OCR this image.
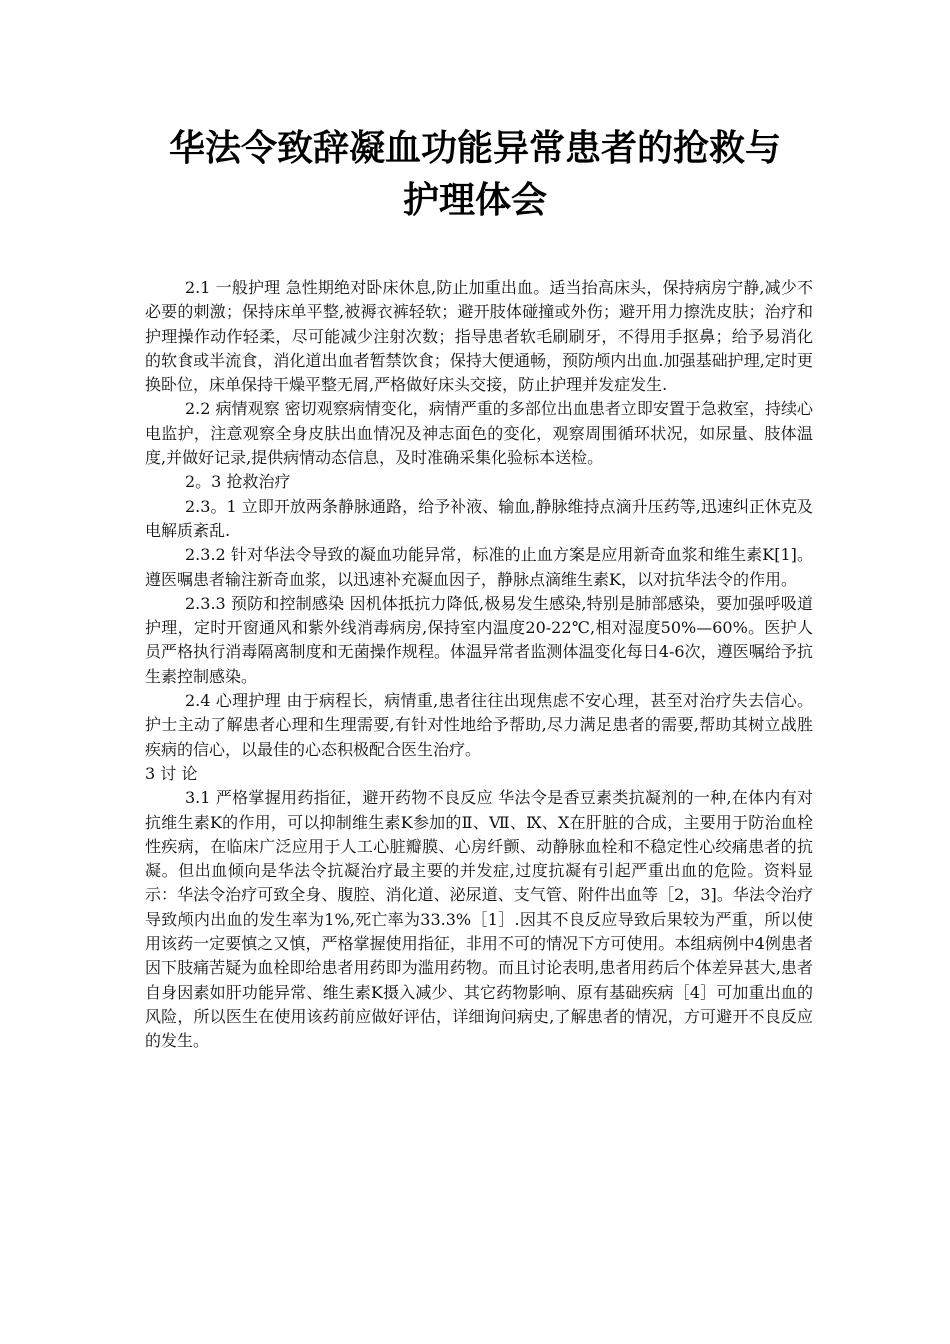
华法令致辞凝血功能异常患者的抢救与
护理体会

2.1 一般护理 急性期绝对卧床休息,防止加重出血。适当抬高床头，保持病房宁静,减少不必要的刺激；保持床单平整,被褥衣裤轻软；避开肢体碰撞或外伤；避开用力擦洗皮肤；治疗和护理操作动作轻柔，尽可能减少注射次数；指导患者软毛刷刷牙，不得用手抠鼻；给予易消化的软食或半流食，消化道出血者暂禁饮食；保持大便通畅，预防颅内出血.加强基础护理,定时更换卧位，床单保持干燥平整无屑,严格做好床头交接，防止护理并发症发生.

2.2 病情观察 密切观察病情变化，病情严重的多部位出血患者立即安置于急救室，持续心电监护，注意观察全身皮肤出血情况及神志面色的变化，观察周围循环状况，如尿量、肢体温度,并做好记录,提供病情动态信息，及时准确采集化验标本送检。

2。3 抢救治疗

2.3。1 立即开放两条静脉通路，给予补液、输血,静脉维持点滴升压药等,迅速纠正休克及电解质紊乱.

2.3.2 针对华法令导致的凝血功能异常，标准的止血方案是应用新奇血浆和维生素K[1]。遵医嘱患者输注新奇血浆，以迅速补充凝血因子，静脉点滴维生素K，以对抗华法令的作用。

2.3.3 预防和控制感染 因机体抵抗力降低,极易发生感染,特别是肺部感染，要加强呼吸道护理，定时开窗通风和紫外线消毒病房,保持室内温度20-22℃,相对湿度50%—60%。医护人员严格执行消毒隔离制度和无菌操作规程。体温异常者监测体温变化每日4-6次，遵医嘱给予抗生素控制感染。

2.4 心理护理 由于病程长，病情重,患者往往出现焦虑不安心理，甚至对治疗失去信心。护士主动了解患者心理和生理需要,有针对性地给予帮助,尽力满足患者的需要,帮助其树立战胜疾病的信心，以最佳的心态积极配合医生治疗。

3 讨 论

3.1 严格掌握用药指征，避开药物不良反应 华法令是香豆素类抗凝剂的一种,在体内有对抗维生素K的作用，可以抑制维生素K参加的Ⅱ、Ⅶ、Ⅸ、Ⅹ在肝脏的合成，主要用于防治血栓性疾病，在临床广泛应用于人工心脏瓣膜、心房纤颤、动静脉血栓和不稳定性心绞痛患者的抗凝。但出血倾向是华法令抗凝治疗最主要的并发症,过度抗凝有引起严重出血的危险。资料显示：华法令治疗可致全身、腹腔、消化道、泌尿道、支气管、附件出血等［2，3]。华法令治疗导致颅内出血的发生率为1%,死亡率为33.3%［1］.因其不良反应导致后果较为严重，所以使用该药一定要慎之又慎，严格掌握使用指征，非用不可的情况下方可使用。本组病例中4例患者因下肢痛苦疑为血栓即给患者用药即为滥用药物。而且讨论表明,患者用药后个体差异甚大,患者自身因素如肝功能异常、维生素K摄入减少、其它药物影响、原有基础疾病［4］可加重出血的风险，所以医生在使用该药前应做好评估，详细询问病史,了解患者的情况，方可避开不良反应的发生。
